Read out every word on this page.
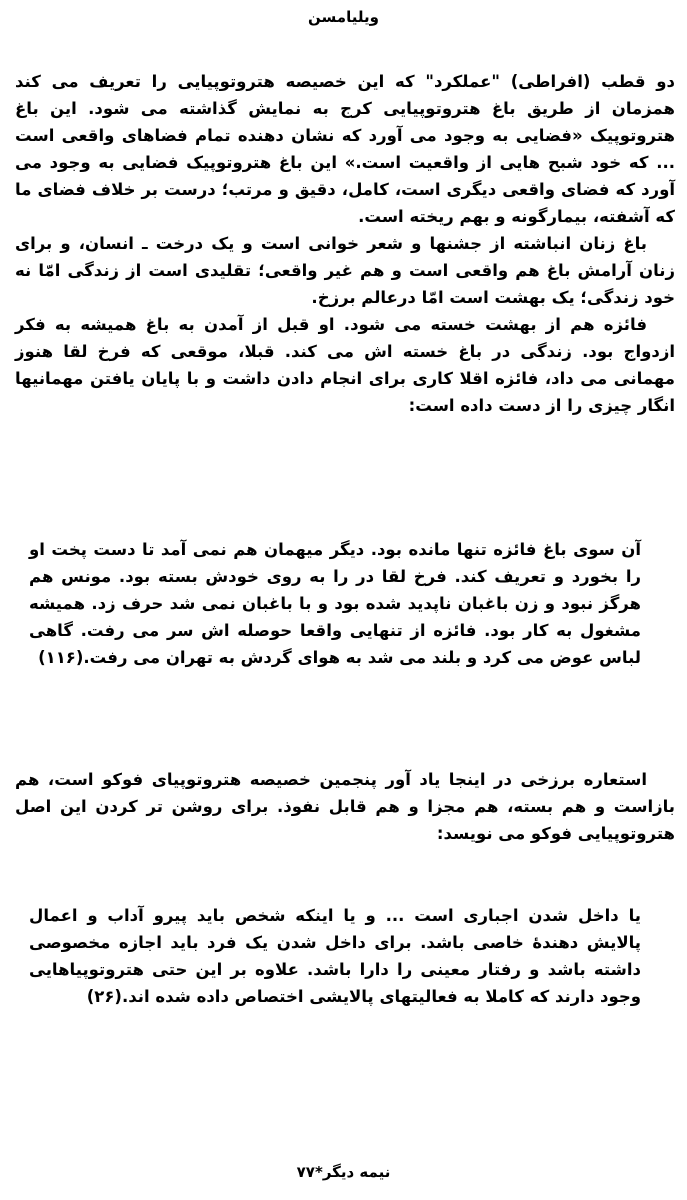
ویلیامسن

دو قطب (افراطی) "عملکرد" که این خصیصه هتروتوپیایی را تعریف می کند همزمان از طریق باغ هتروتوپیایی کرج به نمایش گذاشته می شود. این باغ هتروتوپیک «فضایی به وجود می آورد که نشان دهنده تمام فضاهای واقعی است ... که خود شبح هایی از واقعیت است.» این باغ هتروتوپیک فضایی به وجود می آورد که فضای واقعی دیگری است، کامل، دقیق و مرتب؛ درست بر خلاف فضای ما که آشفته، بیمارگونه و بهم ریخته است.

باغ زنان انباشته از جشنها و شعر خوانی است و یک درخت ـ انسان، و برای زنان آرامش باغ هم واقعی است و هم غیر واقعی؛ تقلیدی است از زندگی امّا نه خود زندگی؛ یک بهشت است امّا درعالم برزخ.

فائزه هم از بهشت خسته می شود. او قبل از آمدن به باغ همیشه به فکر ازدواج بود. زندگی در باغ خسته اش می کند. قبلا، موقعی که فرخ لقا هنوز مهمانی می داد، فائزه اقلا کاری برای انجام دادن داشت و با پایان یافتن مهمانیها انگار چیزی را از دست داده است:

آن سوی باغ فائزه تنها مانده بود. دیگر میهمان هم نمی آمد تا دست پخت او را بخورد و تعریف کند. فرخ لقا در را به روی خودش بسته بود. مونس هم هرگز نبود و زن باغبان ناپدید شده بود و با باغبان نمی شد حرف زد. همیشه مشغول به کار بود. فائزه از تنهایی واقعا حوصله اش سر می رفت. گاهی لباس عوض می کرد و بلند می شد به هوای گردش به تهران می رفت.(۱۱۶)

استعاره برزخی در اینجا یاد آور پنجمین خصیصه هتروتوپیای فوکو است، هم بازاست و هم بسته، هم مجزا و هم قابل نفوذ. برای روشن تر کردن این اصل هتروتوپیایی فوکو می نویسد:

یا داخل شدن اجباری است ... و یا اینکه شخص باید پیرو آداب و اعمال پالایش دهندهٔ خاصی باشد. برای داخل شدن یک فرد باید اجازه مخصوصی داشته باشد و رفتار معینی را دارا باشد. علاوه بر این حتی هتروتوپیاهایی وجود دارند که کاملا به فعالیتهای پالایشی اختصاص داده شده اند.(۲۶)

نیمه دیگر*۷۷
